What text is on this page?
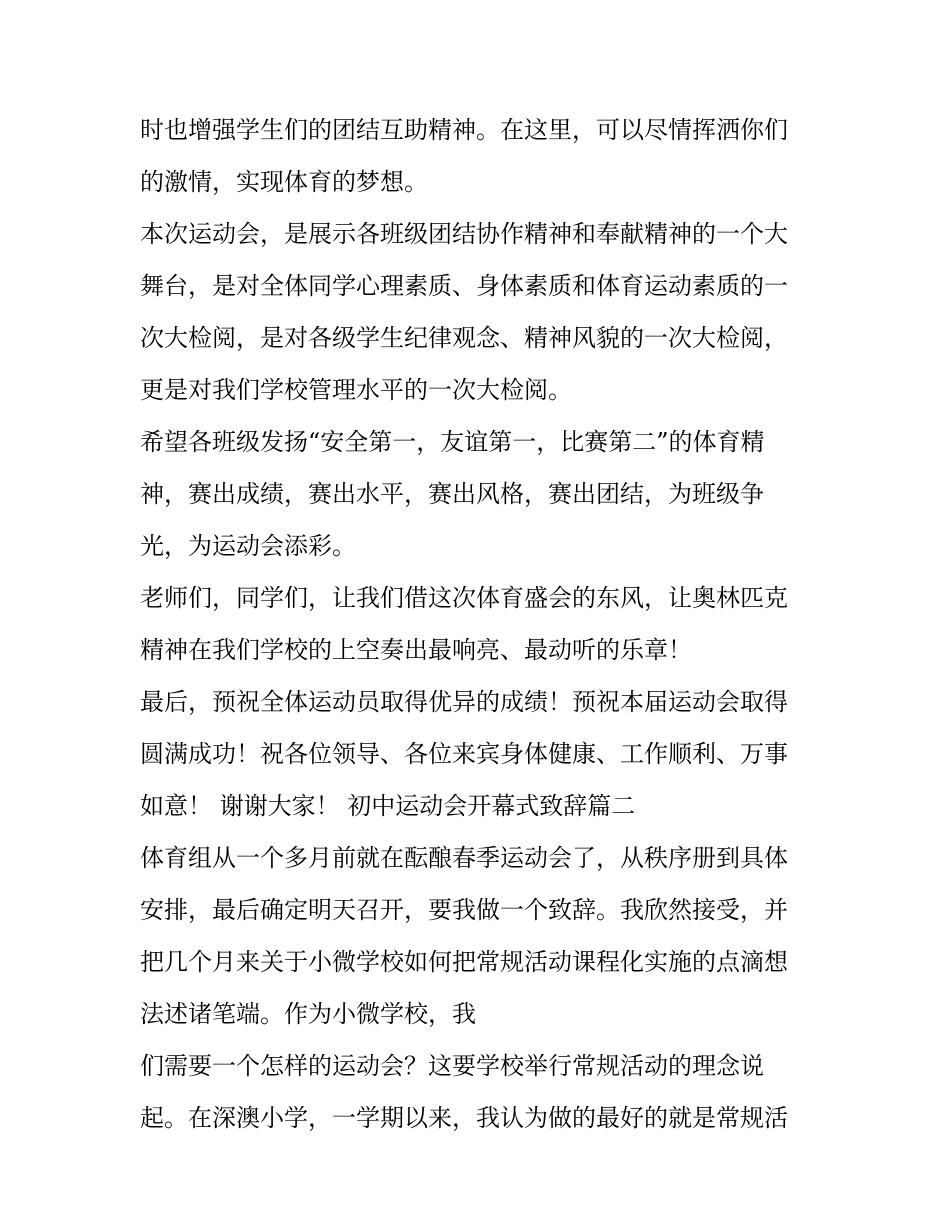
时也增强学生们的团结互助精神。在这里，可以尽情挥洒你们
的激情，实现体育的梦想。
本次运动会，是展示各班级团结协作精神和奉献精神的一个大
舞台，是对全体同学心理素质、身体素质和体育运动素质的一
次大检阅，是对各级学生纪律观念、精神风貌的一次大检阅，
更是对我们学校管理水平的一次大检阅。
希望各班级发扬“安全第一，友谊第一，比赛第二”的体育精
神，赛出成绩，赛出水平，赛出风格，赛出团结，为班级争
光，为运动会添彩。
老师们，同学们，让我们借这次体育盛会的东风，让奥林匹克
精神在我们学校的上空奏出最响亮、最动听的乐章！
最后，预祝全体运动员取得优异的成绩！预祝本届运动会取得
圆满成功！祝各位领导、各位来宾身体健康、工作顺利、万事
如意！ 谢谢大家！ 初中运动会开幕式致辞篇二
体育组从一个多月前就在酝酿春季运动会了，从秩序册到具体
安排，最后确定明天召开，要我做一个致辞。我欣然接受，并
把几个月来关于小微学校如何把常规活动课程化实施的点滴想
法述诸笔端。作为小微学校，我
们需要一个怎样的运动会？这要学校举行常规活动的理念说
起。在深澳小学，一学期以来，我认为做的最好的就是常规活
